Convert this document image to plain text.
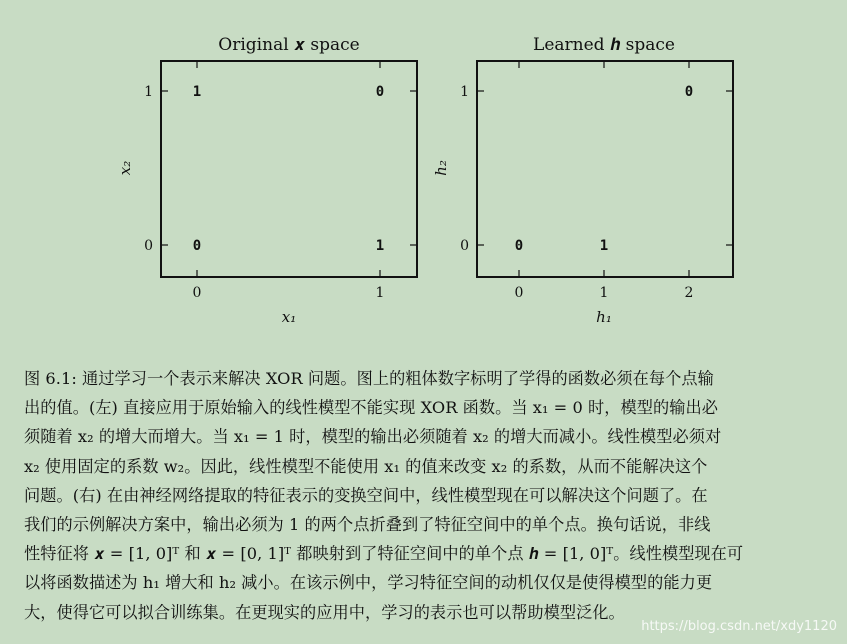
Original 𝒙 space
1	0
0	1
0	1
0
1
x₁
x₂
Learned 𝒉 space
0
0	1
0	1	2
0
1
h₁
h₂
图 6.1: 通过学习一个表示来解决 XOR 问题。图上的粗体数字标明了学得的函数必须在每个点输
出的值。(左) 直接应用于原始输入的线性模型不能实现 XOR 函数。当 x₁ = 0 时，模型的输出必
须随着 x₂ 的增大而增大。当 x₁ = 1 时，模型的输出必须随着 x₂ 的增大而减小。线性模型必须对
x₂ 使用固定的系数 w₂。因此，线性模型不能使用 x₁ 的值来改变 x₂ 的系数，从而不能解决这个
问题。(右) 在由神经网络提取的特征表示的变换空间中，线性模型现在可以解决这个问题了。在
我们的示例解决方案中，输出必须为 1 的两个点折叠到了特征空间中的单个点。换句话说，非线
性特征将 𝒙 = [1, 0]ᵀ 和 𝒙 = [0, 1]ᵀ 都映射到了特征空间中的单个点 𝒉 = [1, 0]ᵀ。线性模型现在可
以将函数描述为 h₁ 增大和 h₂ 减小。在该示例中，学习特征空间的动机仅仅是使得模型的能力更
大，使得它可以拟合训练集。在更现实的应用中，学习的表示也可以帮助模型泛化。
https://blog.csdn.net/xdy1120
